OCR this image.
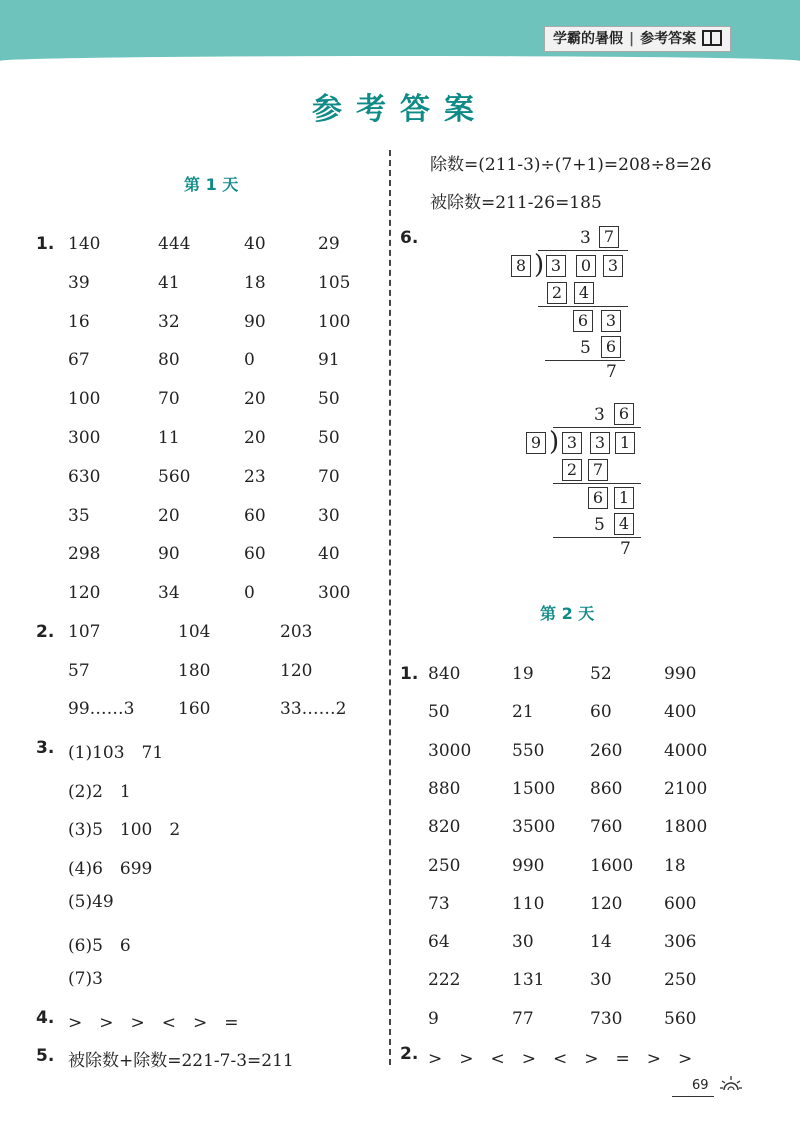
学霸的暑假 | 参考答案
参考答案
第 1 天
1. 140	444	40	29
39	41	18	105
16	32	90	100
67	80	0	91
100	70	20	50
300	11	20	50
630	560	23	70
35	20	60	30
298	90	60	40
120	34	0	300
2. 107	104	203
57	180	120
99……3	160	33……2
3. (1)103　71
(2)2　1
(3)5　100　2
(4)6　699
(5)49
(6)5　6
(7)3
4. >　>　>　<　>　=
5. 被除数+除数=221-7-3=211
除数=(211-3)÷(7+1)=208÷8=26
被除数=211-26=185
6.	3 7
8 ) 3	0	3
2	4
6	3
5 6
7
3 6
9 ) 3	3 1
2 7
6 1
5 4
7
第 2 天
1. 840	19	52	990
50	21	60	400
3000 550	260 4000
880	1500 860 2100
820	3500 760 1800
250	990	1600 18
73	110	120 600
64	30	14	306
222	131	30	250
9	77	730 560
2. >　>　<　>　<　>　=　>　>
69
